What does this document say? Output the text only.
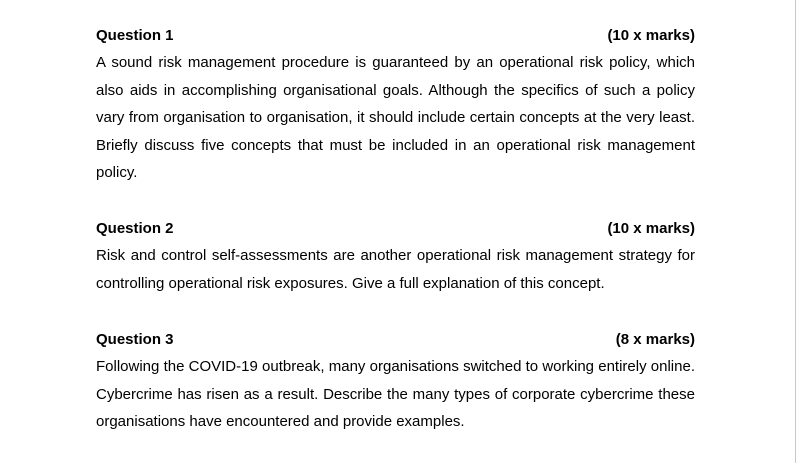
Question 1	(10 x marks)
A sound risk management procedure is guaranteed by an operational risk policy, which also aids in accomplishing organisational goals. Although the specifics of such a policy vary from organisation to organisation, it should include certain concepts at the very least. Briefly discuss five concepts that must be included in an operational risk management policy.
Question 2	(10 x marks)
Risk and control self-assessments are another operational risk management strategy for controlling operational risk exposures. Give a full explanation of this concept.
Question 3	(8 x marks)
Following the COVID-19 outbreak, many organisations switched to working entirely online. Cybercrime has risen as a result. Describe the many types of corporate cybercrime these organisations have encountered and provide examples.
